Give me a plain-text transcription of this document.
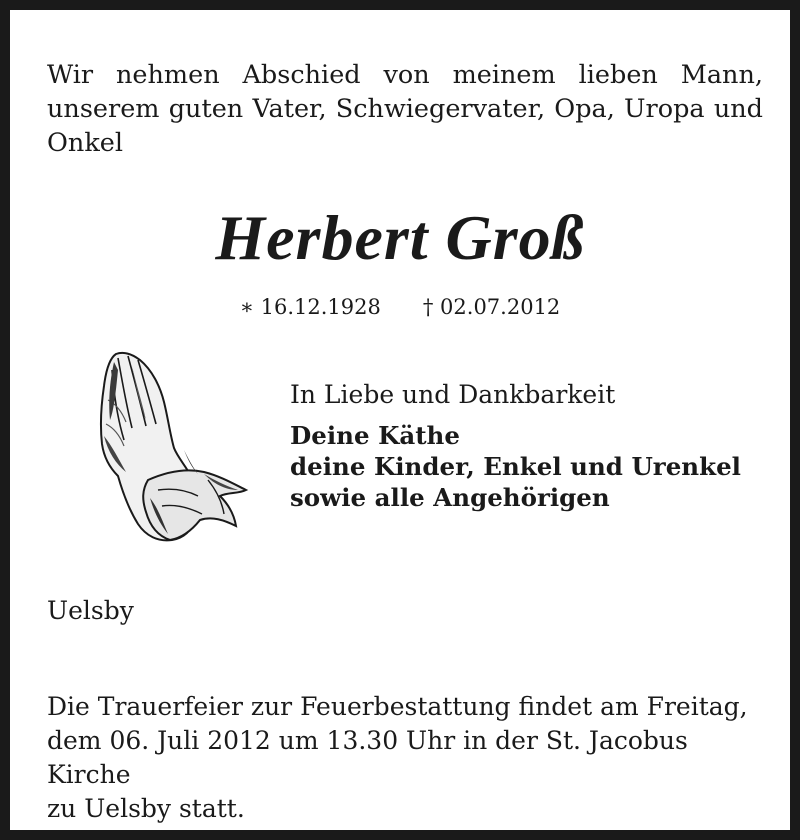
Wir nehmen Abschied von meinem lieben Mann,
unserem guten Vater, Schwiegervater, Opa, Uropa und
Onkel
Herbert Groß
∗ 16.12.1928 † 02.07.2012
In Liebe und Dankbarkeit
Deine Käthe
deine Kinder, Enkel und Urenkel
sowie alle Angehörigen
Uelsby
Die Trauerfeier zur Feuerbestattung findet am Freitag,
dem 06. Juli 2012 um 13.30 Uhr in der St. Jacobus Kirche
zu Uelsby statt.
